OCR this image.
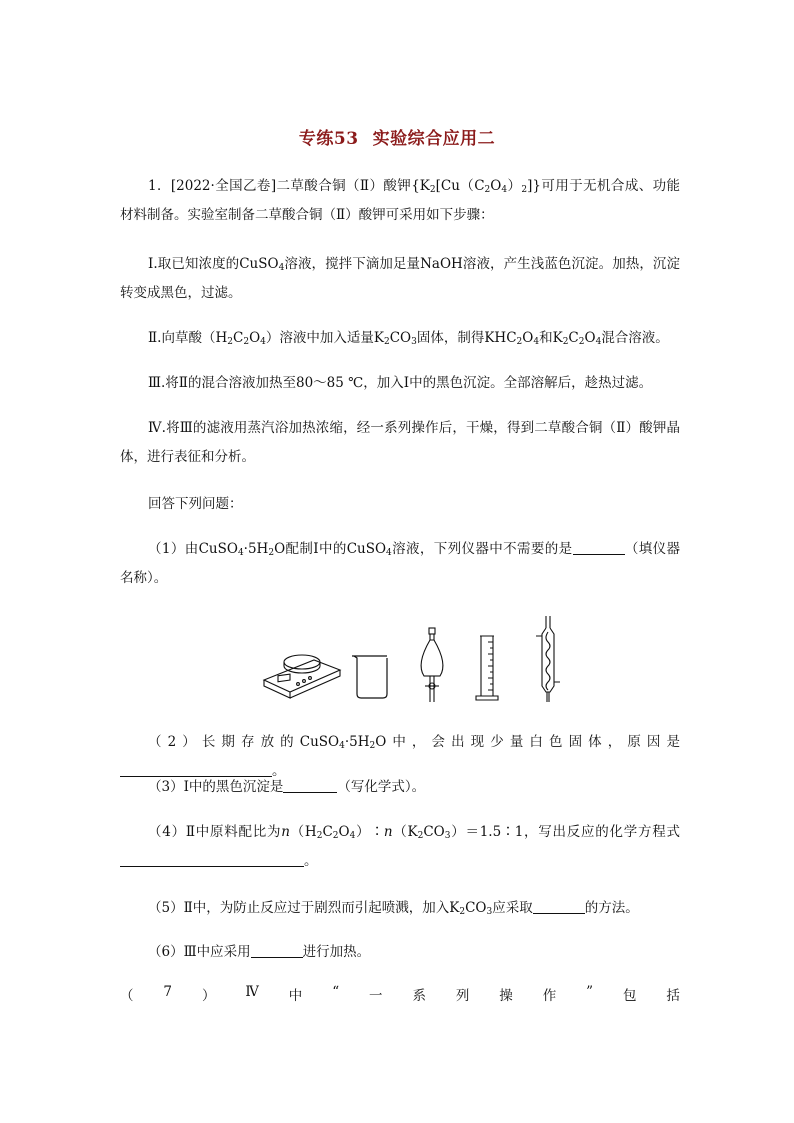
专练53 实验综合应用二
1．[2022·全国乙卷]二草酸合铜（Ⅱ）酸钾$\{K_2[Cu(C_2O_4)_2]\}$可用于无机合成、功能材料制备。实验室制备二草酸合铜（Ⅱ）酸钾可采用如下步骤：
Ⅰ.取已知浓度的CuSO$_4$溶液，搅拌下滴加足量NaOH溶液，产生浅蓝色沉淀。加热，沉淀转变成黑色，过滤。
Ⅱ.向草酸$(H_2C_2O_4)$溶液中加入适量$K_2CO_3$固体，制得$KHC_2O_4$和$K_2C_2O_4$混合溶液。
Ⅲ.将Ⅱ的混合溶液加热至80～85 ℃，加入Ⅰ中的黑色沉淀。全部溶解后，趁热过滤。
Ⅳ.将Ⅲ的滤液用蒸汽浴加热浓缩，经一系列操作后，干燥，得到二草酸合铜（Ⅱ）酸钾晶体，进行表征和分析。
回答下列问题：
（1）由$CuSO_4\cdot 5H_2O$配制Ⅰ中的CuSO$_4$溶液，下列仪器中不需要的是	（填仪器名称）。
（2）长期存放的$CuSO_4\cdot 5H_2O$中，会出现少量白色固体，原因是。
（3）Ⅰ中的黑色沉淀是	（写化学式）。
（4）Ⅱ中原料配比为$n(H_2C_2O_4)∶n(K_2CO_3)=1.5∶1$，写出反应的化学方程式。
（5）Ⅱ中，为防止反应过于剧烈而引起喷溅，加入$K_2CO_3$应采取	的方法。
（6）Ⅲ中应采用	进行加热。
（ 7 ） Ⅳ 中 “ 一 系 列 操 作 ” 包 括
